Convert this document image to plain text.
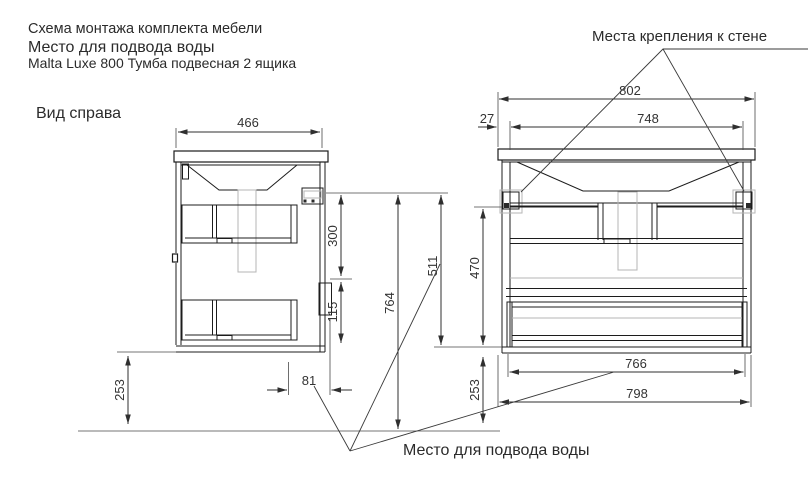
Схема монтажа комплекта мебели
Место для подвода воды
Malta Luxe 800 Тумба подвесная 2 ящика
Вид справа
466
300
115	764
253	81
802
748
27
511 470
253
766
798
Места крепления к стене
Место для подвода воды
